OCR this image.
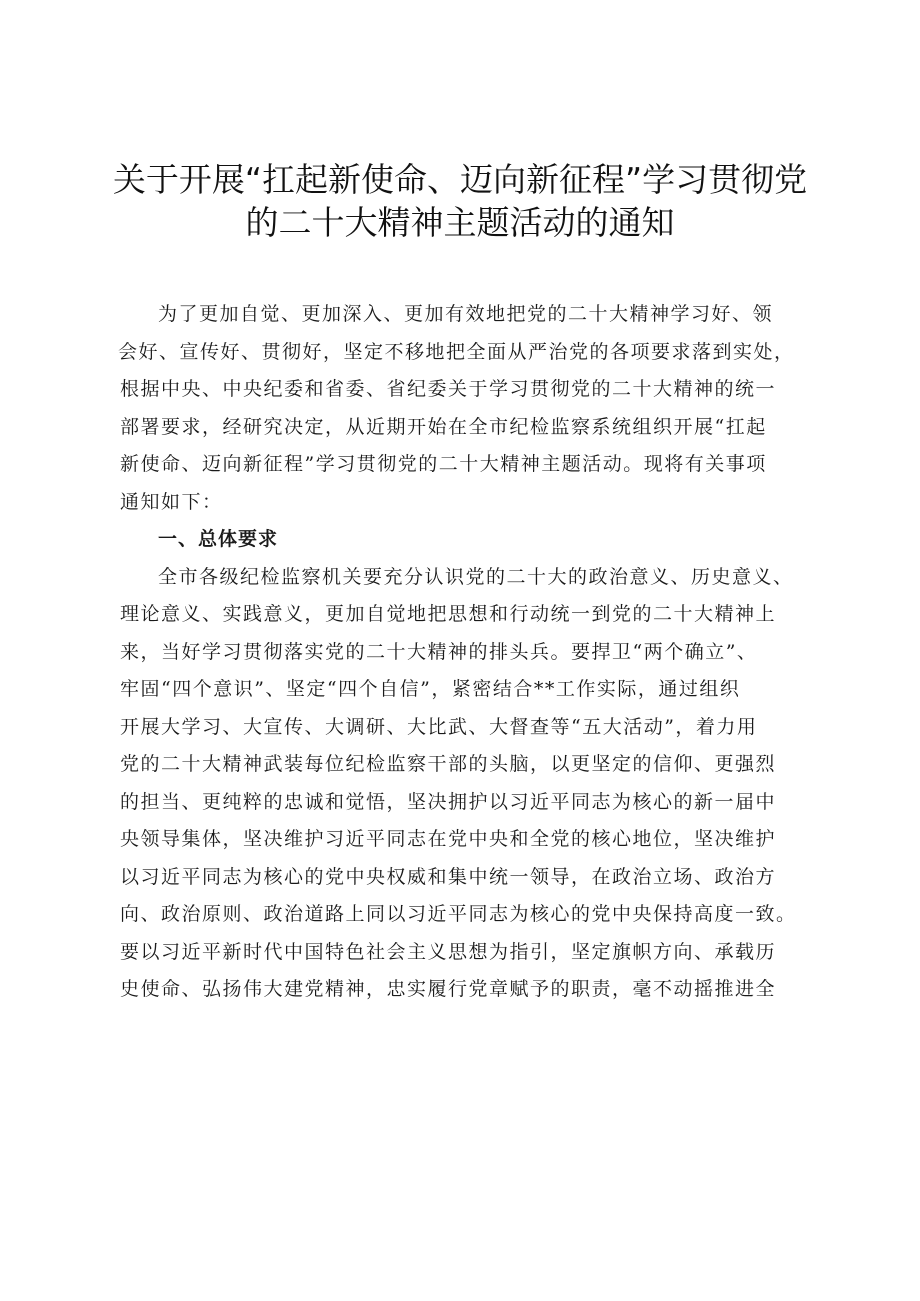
关于开展“扛起新使命、迈向新征程”学习贯彻党
的二十大精神主题活动的通知
为了更加自觉、更加深入、更加有效地把党的二十大精神学习好、领
会好、宣传好、贯彻好，坚定不移地把全面从严治党的各项要求落到实处，
根据中央、中央纪委和省委、省纪委关于学习贯彻党的二十大精神的统一
部署要求，经研究决定，从近期开始在全市纪检监察系统组织开展“扛起
新使命、迈向新征程”学习贯彻党的二十大精神主题活动。现将有关事项
通知如下：
一、总体要求
全市各级纪检监察机关要充分认识党的二十大的政治意义、历史意义、
理论意义、实践意义，更加自觉地把思想和行动统一到党的二十大精神上
来，当好学习贯彻落实党的二十大精神的排头兵。要捍卫“两个确立”、
牢固“四个意识”、坚定“四个自信”，紧密结合**工作实际，通过组织
开展大学习、大宣传、大调研、大比武、大督查等“五大活动”，着力用
党的二十大精神武装每位纪检监察干部的头脑，以更坚定的信仰、更强烈
的担当、更纯粹的忠诚和觉悟，坚决拥护以习近平同志为核心的新一届中
央领导集体，坚决维护习近平同志在党中央和全党的核心地位，坚决维护
以习近平同志为核心的党中央权威和集中统一领导，在政治立场、政治方
向、政治原则、政治道路上同以习近平同志为核心的党中央保持高度一致。
要以习近平新时代中国特色社会主义思想为指引，坚定旗帜方向、承载历
史使命、弘扬伟大建党精神，忠实履行党章赋予的职责，毫不动摇推进全
